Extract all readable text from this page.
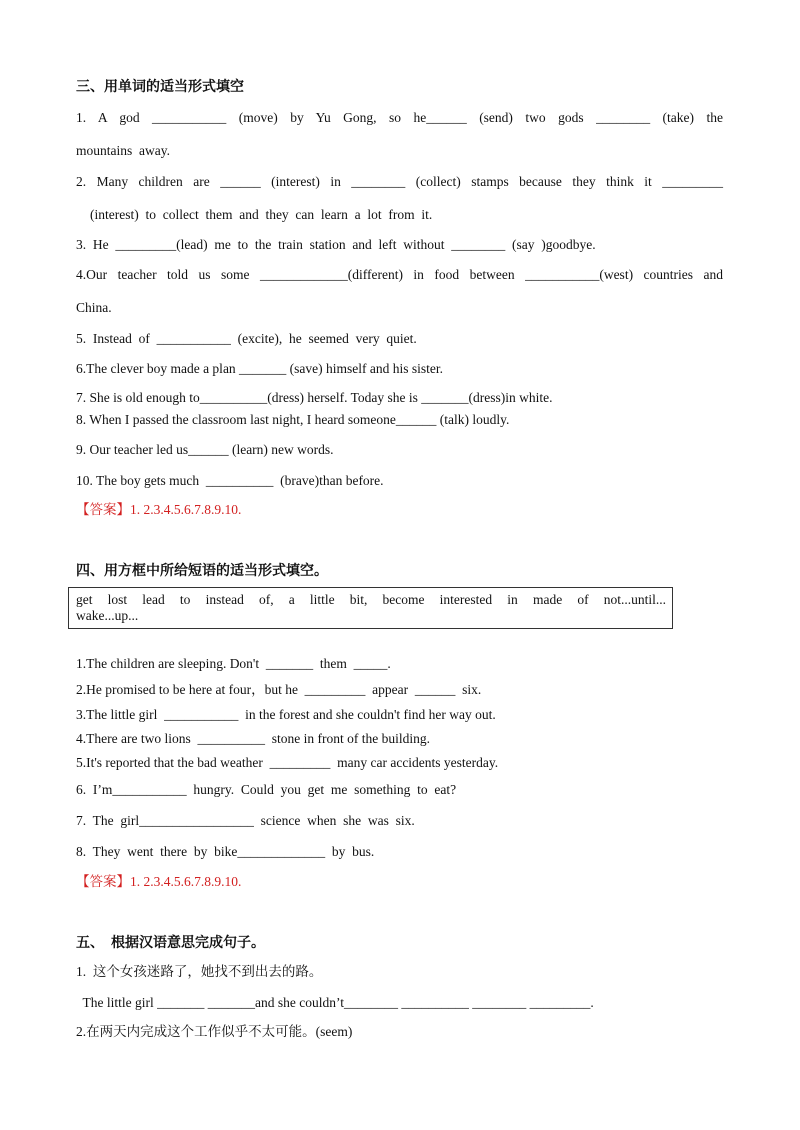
三、用单词的适当形式填空
1. A god ___________ (move) by Yu Gong, so he______ (send) two gods ________ (take) the
mountains  away.
2. Many children are ______ (interest) in ________ (collect) stamps because they think it _________
(interest)  to  collect  them  and  they  can  learn  a  lot  from  it.
3.  He  _________(lead)  me  to  the  train  station  and  left  without  ________  (say  )goodbye.
4.Our teacher told us some _____________(different) in food between ___________(west) countries and
China.
5.  Instead  of  ___________  (excite),  he  seemed  very  quiet.
6.The clever boy made a plan _______ (save) himself and his sister.
7. She is old enough to__________(dress) herself. Today she is _______(dress)in white.
8. When I passed the classroom last night, I heard someone______ (talk) loudly.
9. Our teacher led us______ (learn) new words.
10. The boy gets much  __________  (brave)than before.
【答案】1. 2.3.4.5.6.7.8.9.10.
四、用方框中所给短语的适当形式填空。
get lost lead to instead of, a little bit, become interested in made of not...until...
wake...up...
1.The children are sleeping. Don't  _______  them  _____.
2.He promised to be here at four，but he  _________  appear  ______  six.
3.The little girl  ___________  in the forest and she couldn't find her way out.
4.There are two lions  __________  stone in front of the building.
5.It's reported that the bad weather  _________  many car accidents yesterday.
6.  I’m___________  hungry.  Could  you  get  me  something  to  eat?
7.  The  girl_________________  science  when  she  was  six.
8.  They  went  there  by  bike_____________  by  bus.
【答案】1. 2.3.4.5.6.7.8.9.10.
五、  根据汉语意思完成句子。
1.  这个女孩迷路了，她找不到出去的路。
The little girl _______ _______and she couldn’t________ __________ ________ _________.
2.在两天内完成这个工作似乎不太可能。(seem)
